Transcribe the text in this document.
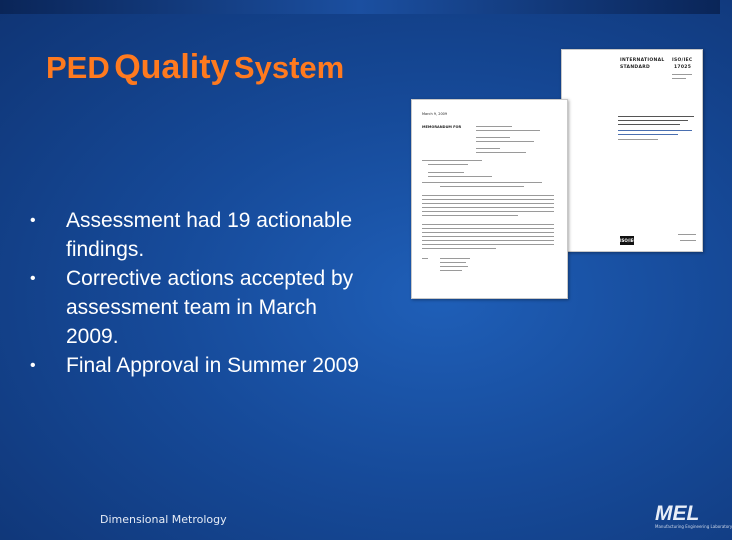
PED Quality System
• Assessment had 19 actionable findings.
• Corrective actions accepted by assessment team in March 2009.
• Final Approval in Summer 2009
INTERNATIONAL
STANDARD
ISO/IEC
17025
ISO/IEC
March 9, 2009
MEMORANDUM FOR
Dimensional Metrology	MEL
Manufacturing Engineering Laboratory
